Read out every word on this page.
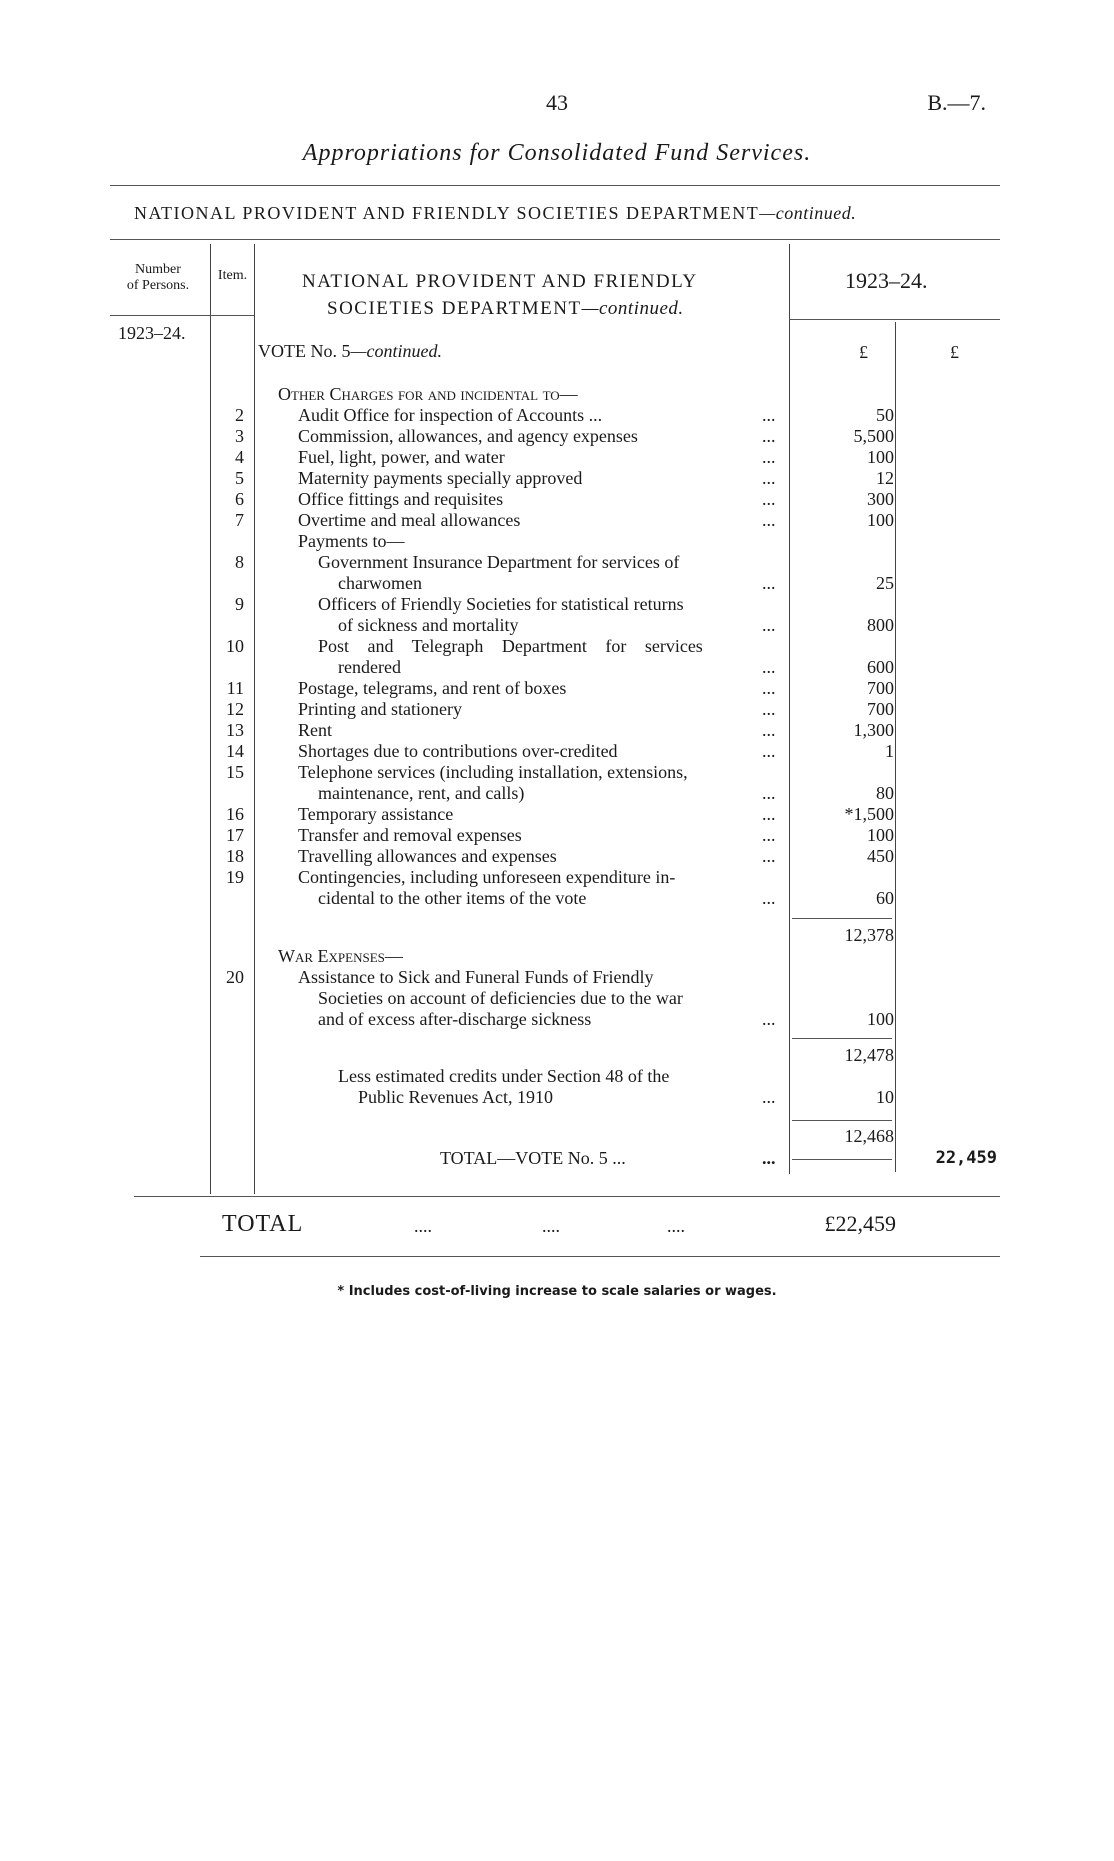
43	B.—7.
Appropriations for Consolidated Fund Services.
NATIONAL PROVIDENT AND FRIENDLY SOCIETIES DEPARTMENT—continued.
Number
of Persons.
Item.	NATIONAL PROVIDENT AND FRIENDLY
SOCIETIES DEPARTMENT—continued.
1923–24.
1923–24.
VOTE No. 5—continued.	£	£
Other Charges for and incidental to—
2	Audit Office for inspection of Accounts ...	...	50
3	Commission, allowances, and agency expenses	...	5,500
4	Fuel, light, power, and water	...	100
5	Maternity payments specially approved	...	12
6	Office fittings and requisites	...	300
7	Overtime and meal allowances	...	100
Payments to—
8	Government Insurance Department for services of
charwomen	...	25
9	Officers of Friendly Societies for statistical returns
of sickness and mortality	...	800
10	Post and Telegraph Department for services
rendered	...	600
11	Postage, telegrams, and rent of boxes	...	700
12	Printing and stationery	...	700
13	Rent	...	1,300
14	Shortages due to contributions over-credited	...	1
15	Telephone services (including installation, extensions,
maintenance, rent, and calls)	...	80
16	Temporary assistance	...	*1,500
17	Transfer and removal expenses	...	100
18	Travelling allowances and expenses	...	450
19	Contingencies, including unforeseen expenditure in-
cidental to the other items of the vote	...	60
12,378
War Expenses—
20	Assistance to Sick and Funeral Funds of Friendly
Societies on account of deficiencies due to the war
and of excess after-discharge sickness	...	100
12,478
Less estimated credits under Section 48 of the
Public Revenues Act, 1910	...	10
12,468
TOTAL—VOTE No. 5 ...	...	22,459
TOTAL	....	....	....	£22,459
* Includes cost-of-living increase to scale salaries or wages.
